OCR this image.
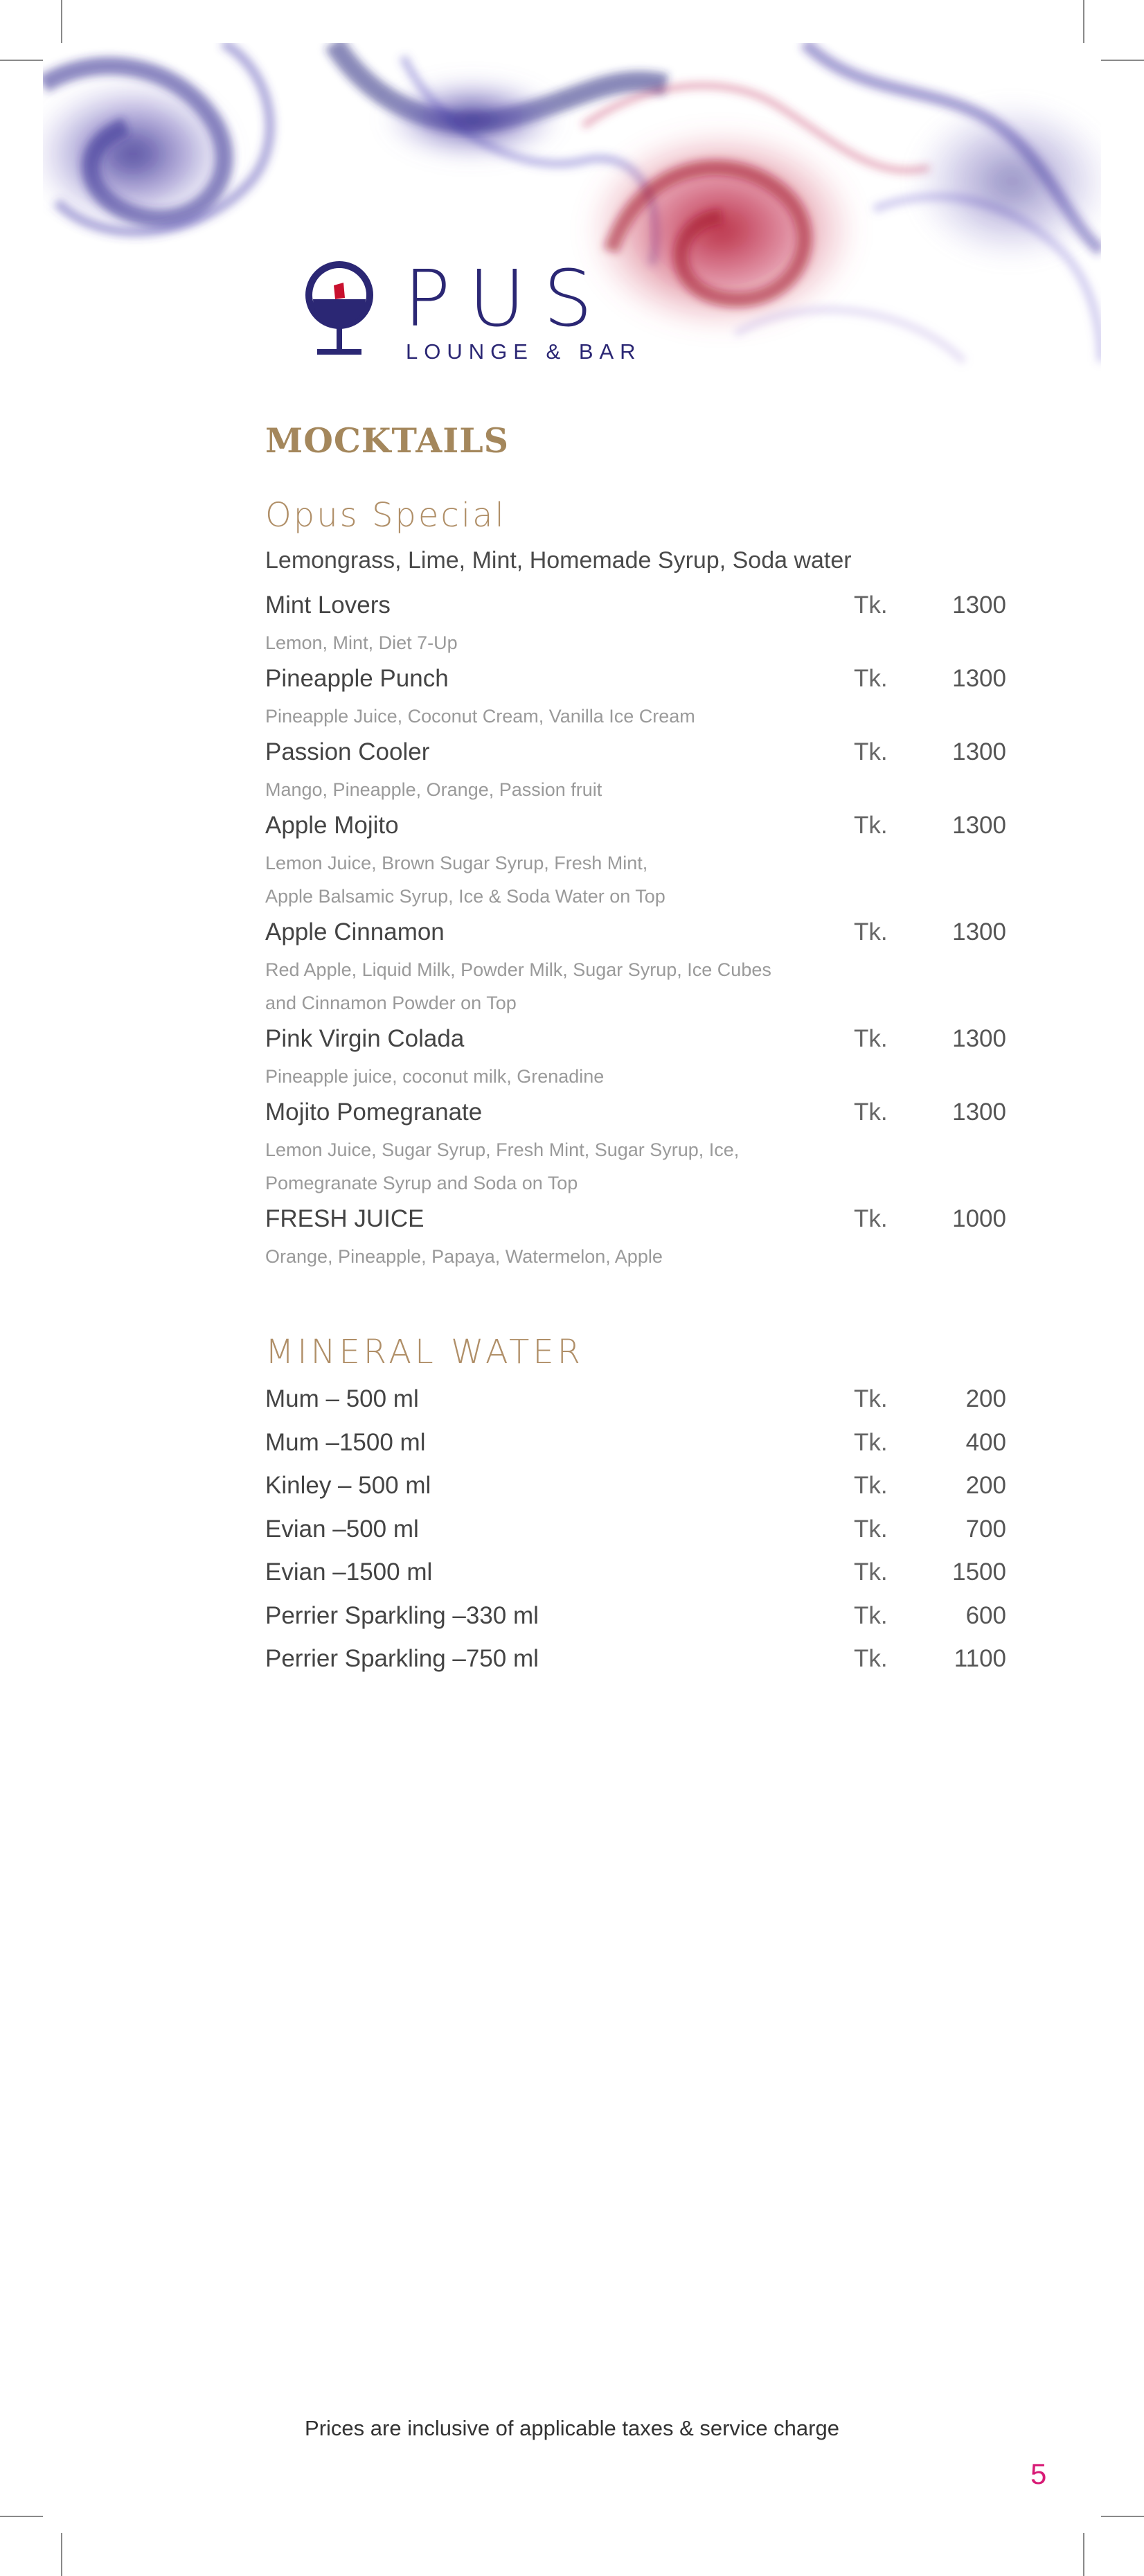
PUS
LOUNGE & BAR
MOCKTAILS
Opus Special
Lemongrass, Lime, Mint, Homemade Syrup, Soda water
Mint Lovers	Tk.	1300
Lemon, Mint, Diet 7-Up
Pineapple Punch	Tk.	1300
Pineapple Juice, Coconut Cream, Vanilla Ice Cream
Passion Cooler	Tk.	1300
Mango, Pineapple, Orange, Passion fruit
Apple Mojito	Tk.	1300
Lemon Juice, Brown Sugar Syrup, Fresh Mint,
Apple Balsamic Syrup, Ice & Soda Water on Top
Apple Cinnamon	Tk.	1300
Red Apple, Liquid Milk, Powder Milk, Sugar Syrup, Ice Cubes
and Cinnamon Powder on Top
Pink Virgin Colada	Tk.	1300
Pineapple juice, coconut milk, Grenadine
Mojito Pomegranate	Tk.	1300
Lemon Juice, Sugar Syrup, Fresh Mint, Sugar Syrup, Ice,
Pomegranate Syrup and Soda on Top
FRESH JUICE	Tk.	1000
Orange, Pineapple, Papaya, Watermelon, Apple
MINERAL WATER
Mum – 500 ml	Tk.	200
Mum –1500 ml	Tk.	400
Kinley – 500 ml	Tk.	200
Evian –500 ml	Tk.	700
Evian –1500 ml	Tk.	1500
Perrier Sparkling –330 ml	Tk.	600
Perrier Sparkling –750 ml	Tk.	1100
Prices are inclusive of applicable taxes & service charge
5
